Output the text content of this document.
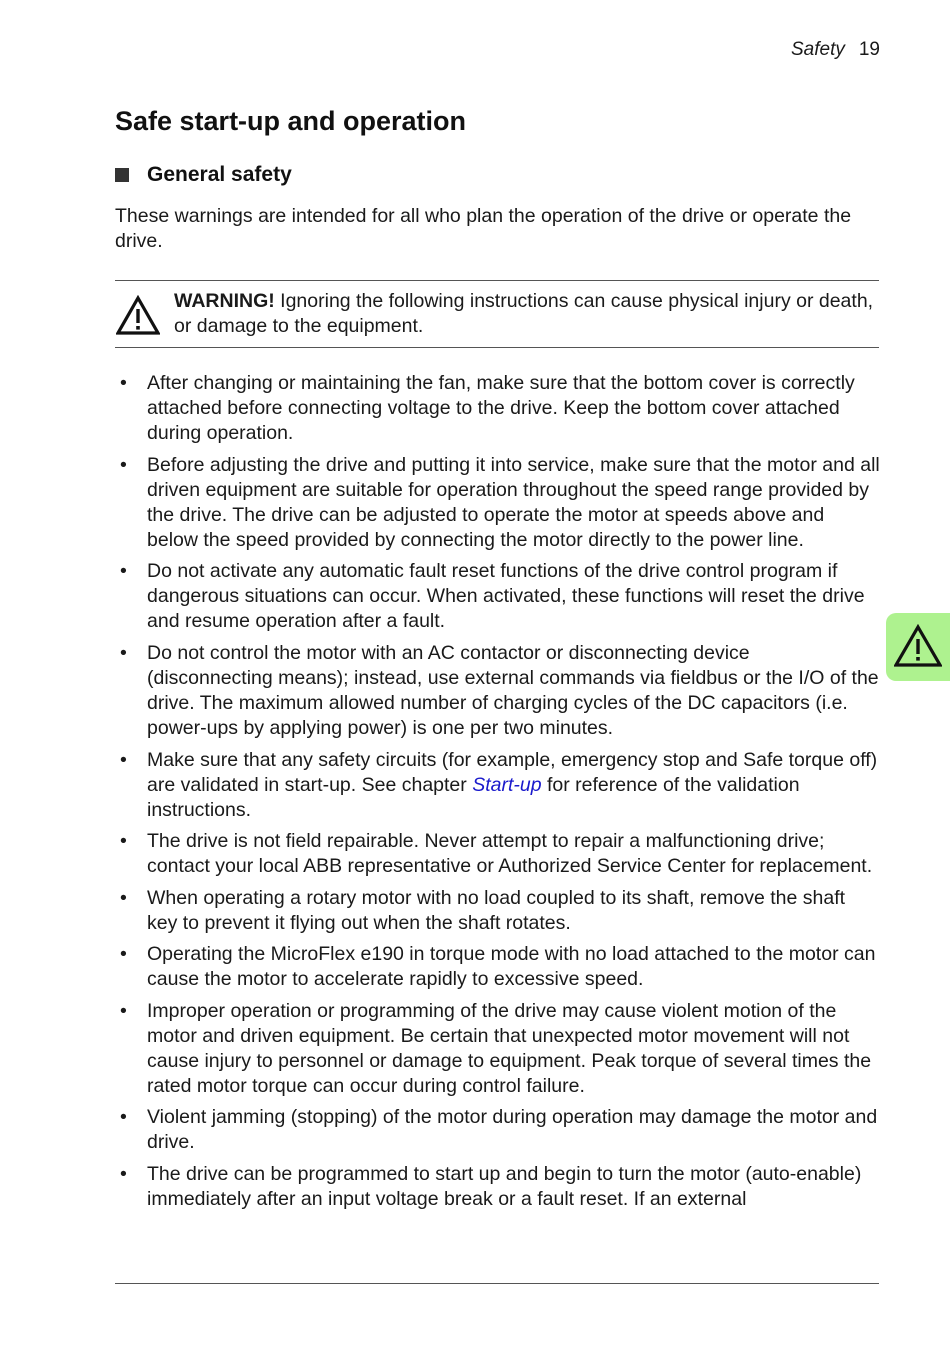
Safety 19
Safe start-up and operation
General safety

These warnings are intended for all who plan the operation of the drive or operate the drive.

WARNING! Ignoring the following instructions can cause physical injury or death, or damage to the equipment.

• After changing or maintaining the fan, make sure that the bottom cover is correctly attached before connecting voltage to the drive. Keep the bottom cover attached during operation.
• Before adjusting the drive and putting it into service, make sure that the motor and all driven equipment are suitable for operation throughout the speed range provided by the drive. The drive can be adjusted to operate the motor at speeds above and below the speed provided by connecting the motor directly to the power line.
• Do not activate any automatic fault reset functions of the drive control program if dangerous situations can occur. When activated, these functions will reset the drive and resume operation after a fault.
• Do not control the motor with an AC contactor or disconnecting device (disconnecting means); instead, use external commands via fieldbus or the I/O of the drive. The maximum allowed number of charging cycles of the DC capacitors (i.e. power-ups by applying power) is one per two minutes.
• Make sure that any safety circuits (for example, emergency stop and Safe torque off) are validated in start-up. See chapter Start-up for reference of the validation instructions.
• The drive is not field repairable. Never attempt to repair a malfunctioning drive; contact your local ABB representative or Authorized Service Center for replacement.
• When operating a rotary motor with no load coupled to its shaft, remove the shaft key to prevent it flying out when the shaft rotates.
• Operating the MicroFlex e190 in torque mode with no load attached to the motor can cause the motor to accelerate rapidly to excessive speed.
• Improper operation or programming of the drive may cause violent motion of the motor and driven equipment. Be certain that unexpected motor movement will not cause injury to personnel or damage to equipment. Peak torque of several times the rated motor torque can occur during control failure.
• Violent jamming (stopping) of the motor during operation may damage the motor and drive.
• The drive can be programmed to start up and begin to turn the motor (auto-enable) immediately after an input voltage break or a fault reset. If an external
